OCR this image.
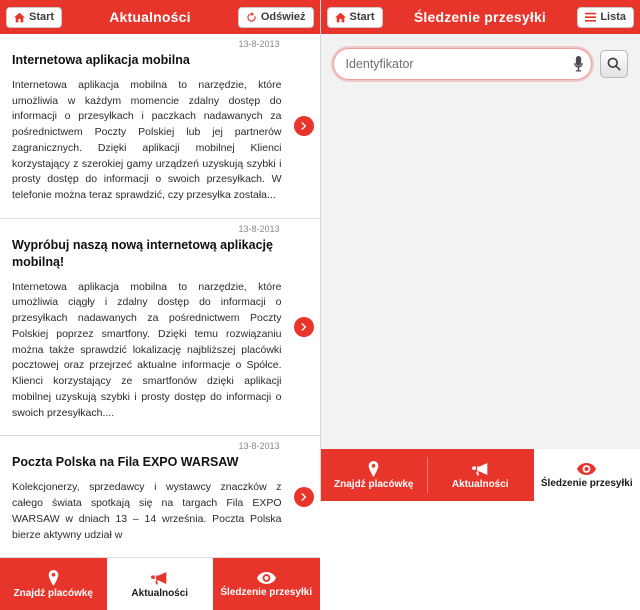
Start	Aktualności	Odśwież
13-8-2013
Internetowa aplikacja mobilna
Internetowa aplikacja mobilna to narzędzie, które umożliwia w każdym momencie zdalny dostęp do informacji o przesyłkach i paczkach nadawanych za pośrednictwem Poczty Polskiej lub jej partnerów zagranicznych. Dzięki aplikacji mobilnej Klienci korzystający z szerokiej gamy urządzeń uzyskują szybki i prosty dostęp do informacji o swoich przesyłkach. W telefonie można teraz sprawdzić, czy przesyłka została...
13-8-2013
Wypróbuj naszą nową internetową aplikację mobilną!
Internetowa aplikacja mobilna to narzędzie, które umożliwia ciągły i zdalny dostęp do informacji o przesyłkach nadawanych za pośrednictwem Poczty Polskiej poprzez smartfony. Dzięki temu rozwiązaniu można także sprawdzić lokalizację najbliższej placówki pocztowej oraz przejrzeć aktualne informacje o Spółce. Klienci korzystający ze smartfonów dzięki aplikacji mobilnej uzyskują szybki i prosty dostęp do informacji o swoich przesyłkach....
13-8-2013
Poczta Polska na Fila EXPO WARSAW
Kolekcjonerzy, sprzedawcy i wystawcy znaczków z całego świata spotkają się na targach Fila EXPO WARSAW w dniach 13 – 14 września. Poczta Polska bierze aktywny udział w
Znajdź placówkę	Aktualności	Śledzenie przesyłki
Start	Śledzenie przesyłki	Lista
Identyfikator
Znajdź placówkę	Aktualności	Śledzenie przesyłki
